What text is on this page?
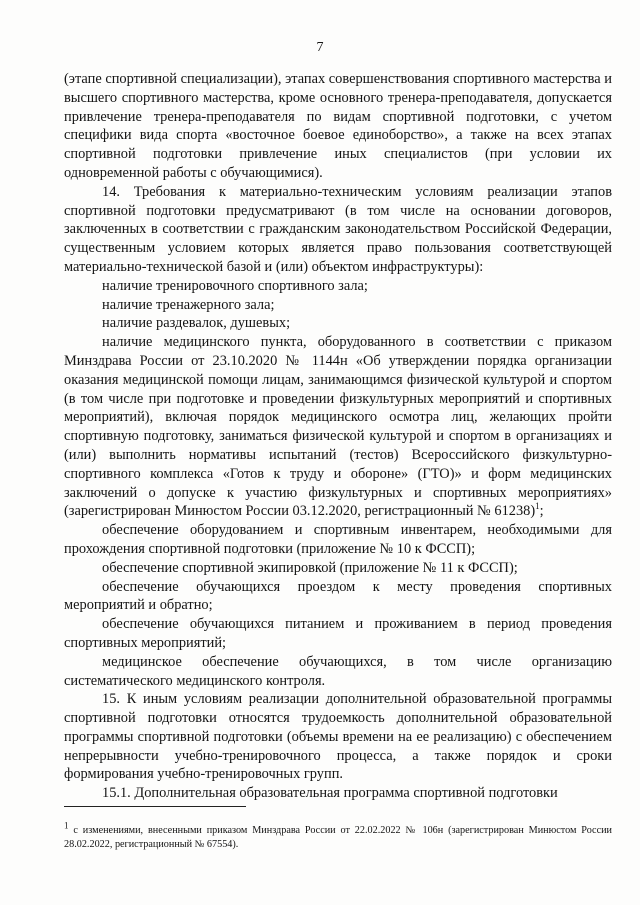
7

(этапе спортивной специализации), этапах совершенствования спортивного мастерства и высшего спортивного мастерства, кроме основного тренера-преподавателя, допускается привлечение тренера-преподавателя по видам спортивной подготовки, с учетом специфики вида спорта «восточное боевое единоборство», а также на всех этапах спортивной подготовки привлечение иных специалистов (при условии их одновременной работы с обучающимися).

14. Требования к материально-техническим условиям реализации этапов спортивной подготовки предусматривают (в том числе на основании договоров, заключенных в соответствии с гражданским законодательством Российской Федерации, существенным условием которых является право пользования соответствующей материально-технической базой и (или) объектом инфраструктуры):

наличие тренировочного спортивного зала;

наличие тренажерного зала;

наличие раздевалок, душевых;

наличие медицинского пункта, оборудованного в соответствии с приказом Минздрава России от 23.10.2020 № 1144н «Об утверждении порядка организации оказания медицинской помощи лицам, занимающимся физической культурой и спортом (в том числе при подготовке и проведении физкультурных мероприятий и спортивных мероприятий), включая порядок медицинского осмотра лиц, желающих пройти спортивную подготовку, заниматься физической культурой и спортом в организациях и (или) выполнить нормативы испытаний (тестов) Всероссийского физкультурно-спортивного комплекса «Готов к труду и обороне» (ГТО)» и форм медицинских заключений о допуске к участию физкультурных и спортивных мероприятиях» (зарегистрирован Минюстом России 03.12.2020, регистрационный № 61238)$^1$;

обеспечение оборудованием и спортивным инвентарем, необходимыми для прохождения спортивной подготовки (приложение № 10 к ФССП);

обеспечение спортивной экипировкой (приложение № 11 к ФССП);

обеспечение обучающихся проездом к месту проведения спортивных мероприятий и обратно;

обеспечение обучающихся питанием и проживанием в период проведения спортивных мероприятий;

медицинское обеспечение обучающихся, в том числе организацию систематического медицинского контроля.

15. К иным условиям реализации дополнительной образовательной программы спортивной подготовки относятся трудоемкость дополнительной образовательной программы спортивной подготовки (объемы времени на ее реализацию) с обеспечением непрерывности учебно-тренировочного процесса, а также порядок и сроки формирования учебно-тренировочных групп.

15.1. Дополнительная образовательная программа спортивной подготовки

$^1$ с изменениями, внесенными приказом Минздрава России от 22.02.2022 № 106н (зарегистрирован Минюстом России 28.02.2022, регистрационный № 67554).
